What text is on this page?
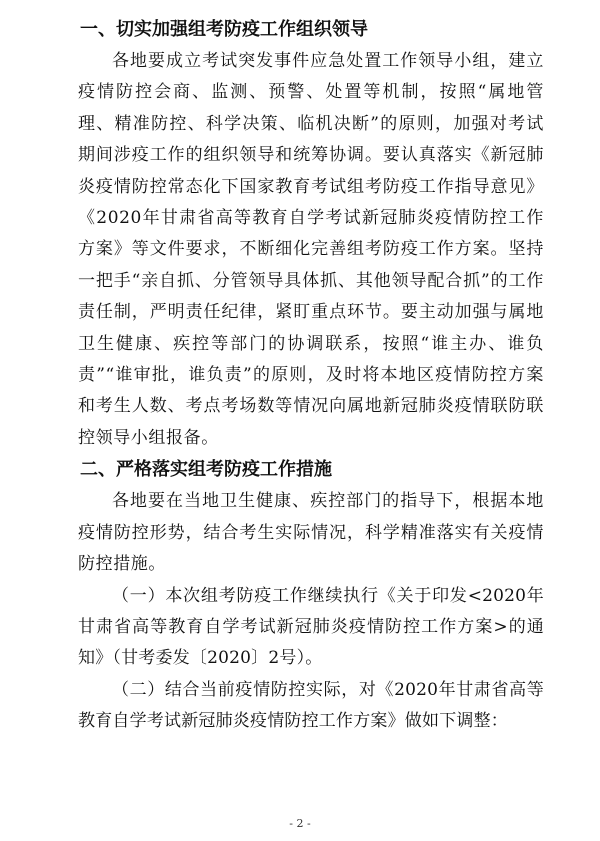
一、切实加强组考防疫工作组织领导

各地要成立考试突发事件应急处置工作领导小组，建立疫情防控会商、监测、预警、处置等机制，按照“属地管理、精准防控、科学决策、临机决断”的原则，加强对考试期间涉疫工作的组织领导和统筹协调。要认真落实《新冠肺炎疫情防控常态化下国家教育考试组考防疫工作指导意见》《2020年甘肃省高等教育自学考试新冠肺炎疫情防控工作方案》等文件要求，不断细化完善组考防疫工作方案。坚持一把手“亲自抓、分管领导具体抓、其他领导配合抓”的工作责任制，严明责任纪律，紧盯重点环节。要主动加强与属地卫生健康、疾控等部门的协调联系，按照“谁主办、谁负责”“谁审批，谁负责”的原则，及时将本地区疫情防控方案和考生人数、考点考场数等情况向属地新冠肺炎疫情联防联控领导小组报备。

二、严格落实组考防疫工作措施

各地要在当地卫生健康、疾控部门的指导下，根据本地疫情防控形势，结合考生实际情况，科学精准落实有关疫情防控措施。

（一）本次组考防疫工作继续执行《关于印发<2020年甘肃省高等教育自学考试新冠肺炎疫情防控工作方案>的通知》（甘考委发〔2020〕2号）。

（二）结合当前疫情防控实际，对《2020年甘肃省高等教育自学考试新冠肺炎疫情防控工作方案》做如下调整：

- 2 -
